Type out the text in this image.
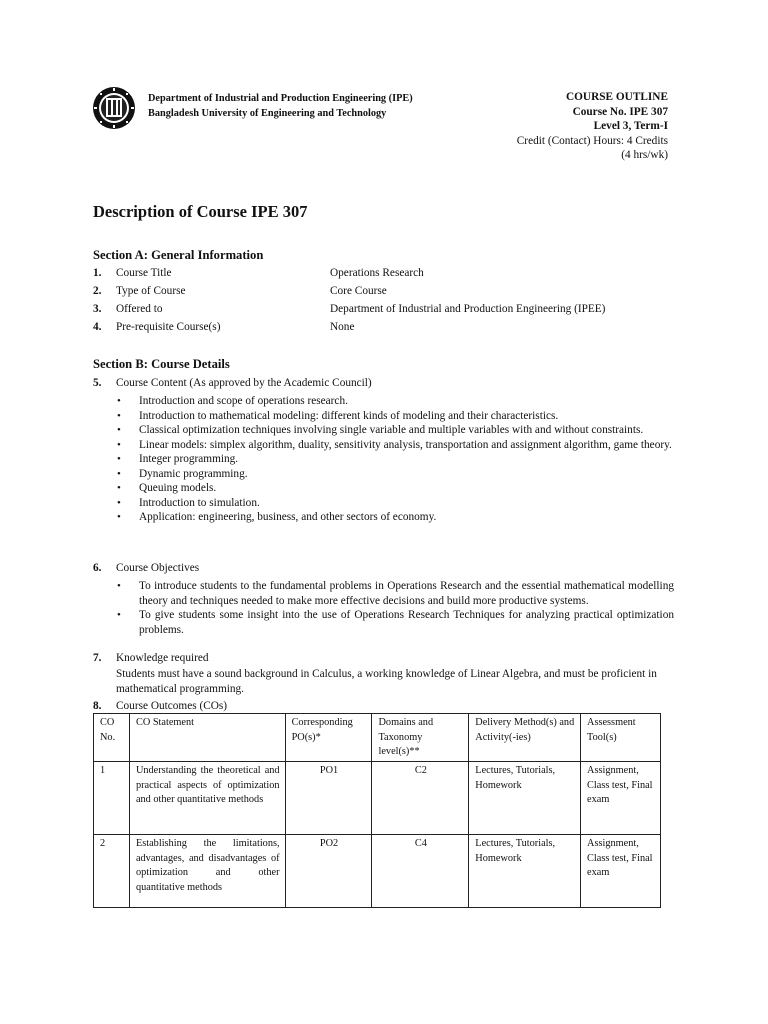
Department of Industrial and Production Engineering (IPE)
Bangladesh University of Engineering and Technology
COURSE OUTLINE
Course No. IPE 307
Level 3, Term-I
Credit (Contact) Hours: 4 Credits
(4 hrs/wk)
Description of Course IPE 307
Section A: General Information
1.	Course Title	Operations Research
2.	Type of Course	Core Course
3.	Offered to	Department of Industrial and Production Engineering (IPEE)
4.	Pre-requisite Course(s)	None
Section B: Course Details
5.	Course Content (As approved by the Academic Council)
• Introduction and scope of operations research.
• Introduction to mathematical modeling: different kinds of modeling and their characteristics.
• Classical optimization techniques involving single variable and multiple variables with and without constraints.
• Linear models: simplex algorithm, duality, sensitivity analysis, transportation and assignment algorithm, game theory.
• Integer programming.
• Dynamic programming.
• Queuing models.
• Introduction to simulation.
• Application: engineering, business, and other sectors of economy.
6.	Course Objectives
• To introduce students to the fundamental problems in Operations Research and the essential mathematical modelling theory and techniques needed to make more effective decisions and build more productive systems.
• To give students some insight into the use of Operations Research Techniques for analyzing practical optimization problems.
7.	Knowledge required
Students must have a sound background in Calculus, a working knowledge of Linear Algebra, and must be proficient in mathematical programming.
8.	Course Outcomes (COs)
CO No.	CO Statement	Corresponding PO(s)*	Domains and Taxonomy level(s)**	Delivery Method(s) and Activity(-ies)	Assessment Tool(s)
1	Understanding the theoretical and practical aspects of optimization and other quantitative methods	PO1	C2	Lectures, Tutorials, Homework	Assignment, Class test, Final exam
2	Establishing the limitations, advantages, and disadvantages of optimization and other quantitative methods	PO2	C4	Lectures, Tutorials, Homework	Assignment, Class test, Final exam
